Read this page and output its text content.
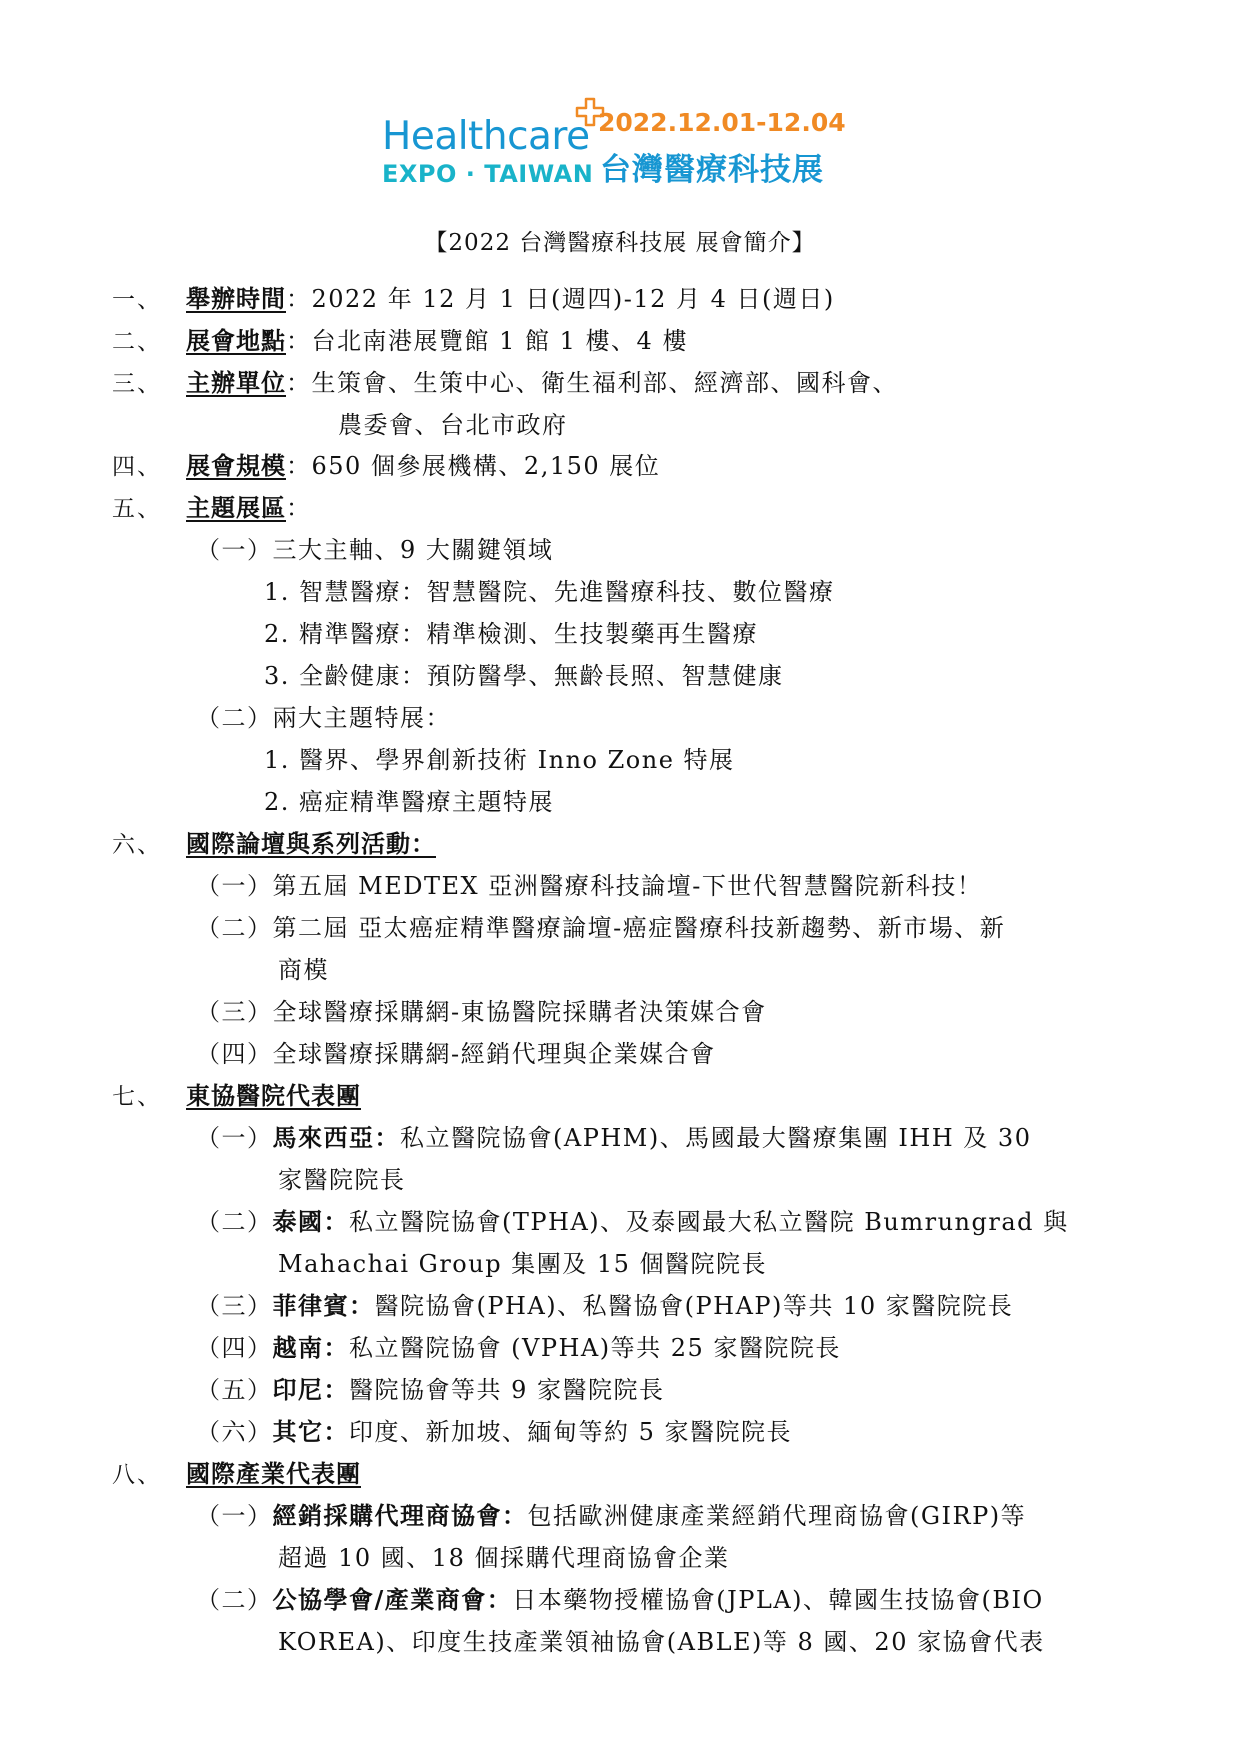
Healthcare 2022.12.01-12.04
EXPO · TAIWAN 台灣醫療科技展
【2022 台灣醫療科技展 展會簡介】
一、 舉辦時間：2022 年 12 月 1 日(週四)-12 月 4 日(週日)
二、 展會地點：台北南港展覽館 1 館 1 樓、4 樓
三、 主辦單位：生策會、生策中心、衛生福利部、經濟部、國科會、
農委會、台北市政府
四、 展會規模：650 個參展機構、2,150 展位
五、 主題展區：
（一）三大主軸、9 大關鍵領域
1. 智慧醫療：智慧醫院、先進醫療科技、數位醫療
2. 精準醫療：精準檢測、生技製藥再生醫療
3. 全齡健康：預防醫學、無齡長照、智慧健康
（二）兩大主題特展：
1. 醫界、學界創新技術 Inno Zone 特展
2. 癌症精準醫療主題特展
六、 國際論壇與系列活動：
（一）第五屆 MEDTEX 亞洲醫療科技論壇-下世代智慧醫院新科技！
（二）第二屆 亞太癌症精準醫療論壇-癌症醫療科技新趨勢、新市場、新
商模
（三）全球醫療採購網-東協醫院採購者決策媒合會
（四）全球醫療採購網-經銷代理與企業媒合會
七、 東協醫院代表團
（一）馬來西亞：私立醫院協會(APHM)、馬國最大醫療集團 IHH 及 30
家醫院院長
（二）泰國：私立醫院協會(TPHA)、及泰國最大私立醫院 Bumrungrad 與
Mahachai Group 集團及 15 個醫院院長
（三）菲律賓：醫院協會(PHA)、私醫協會(PHAP)等共 10 家醫院院長
（四）越南：私立醫院協會 (VPHA)等共 25 家醫院院長
（五）印尼：醫院協會等共 9 家醫院院長
（六）其它：印度、新加坡、緬甸等約 5 家醫院院長
八、 國際產業代表團
（一）經銷採購代理商協會：包括歐洲健康產業經銷代理商協會(GIRP)等
超過 10 國、18 個採購代理商協會企業
（二）公協學會/產業商會：日本藥物授權協會(JPLA)、韓國生技協會(BIO
KOREA)、印度生技產業領袖協會(ABLE)等 8 國、20 家協會代表
